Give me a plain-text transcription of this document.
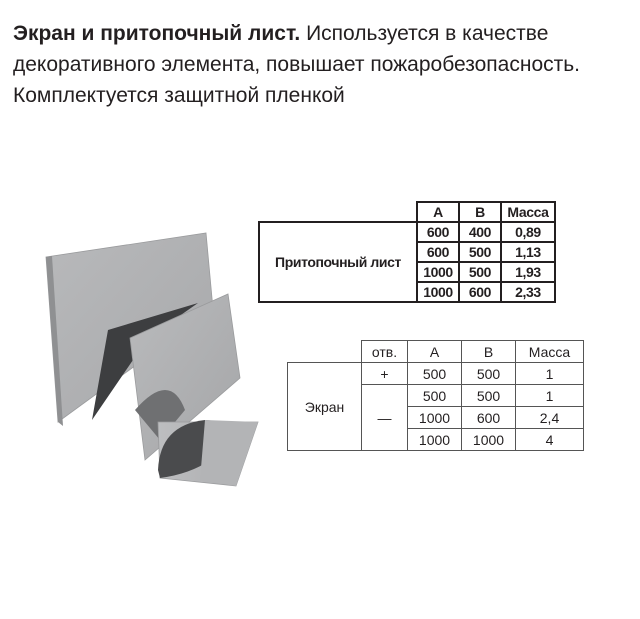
Экран и притопочный лист. Используется в качестве декоративного элемента, повышает пожаробезопасность. Комплектуется защитной пленкой
	A	B	Масса
Притопочный лист	600	400	0,89
	600	500	1,13
	1000	500	1,93
	1000	600	2,33
	отв.	A	B	Масса
Экран	+	500	500	1
	—	500	500	1
		1000	600	2,4
		1000	1000	4
